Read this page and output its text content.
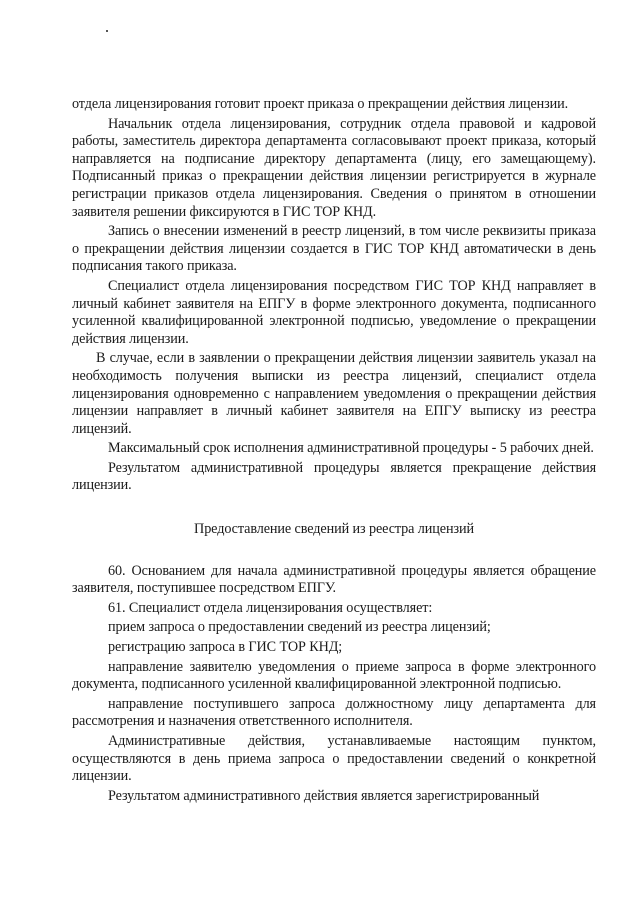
отдела лицензирования готовит проект приказа о прекращении действия лицензии.

Начальник отдела лицензирования, сотрудник отдела правовой и кадровой работы, заместитель директора департамента согласовывают проект приказа, который направляется на подписание директору департамента (лицу, его замещающему). Подписанный приказ о прекращении действия лицензии регистрируется в журнале регистрации приказов отдела лицензирования. Сведения о принятом в отношении заявителя решении фиксируются в ГИС ТОР КНД.

Запись о внесении изменений в реестр лицензий, в том числе реквизиты приказа о прекращении действия лицензии создается в ГИС ТОР КНД автоматически в день подписания такого приказа.

Специалист отдела лицензирования посредством ГИС ТОР КНД направляет в личный кабинет заявителя на ЕПГУ в форме электронного документа, подписанного усиленной квалифицированной электронной подписью, уведомление о прекращении действия лицензии.

В случае, если в заявлении о прекращении действия лицензии заявитель указал на необходимость получения выписки из реестра лицензий, специалист отдела лицензирования одновременно с направлением уведомления о прекращении действия лицензии направляет в личный кабинет заявителя на ЕПГУ выписку из реестра лицензий.

Максимальный срок исполнения административной процедуры - 5 рабочих дней.

Результатом административной процедуры является прекращение действия лицензии.

Предоставление сведений из реестра лицензий

60. Основанием для начала административной процедуры является обращение заявителя, поступившее посредством ЕПГУ.

61. Специалист отдела лицензирования осуществляет:

прием запроса о предоставлении сведений из реестра лицензий;

регистрацию запроса в ГИС ТОР КНД;

направление заявителю уведомления о приеме запроса в форме электронного документа, подписанного усиленной квалифицированной электронной подписью.

направление поступившего запроса должностному лицу департамента для рассмотрения и назначения ответственного исполнителя.

Административные действия, устанавливаемые настоящим пунктом, осуществляются в день приема запроса о предоставлении сведений о конкретной лицензии.

Результатом административного действия является зарегистрированный
